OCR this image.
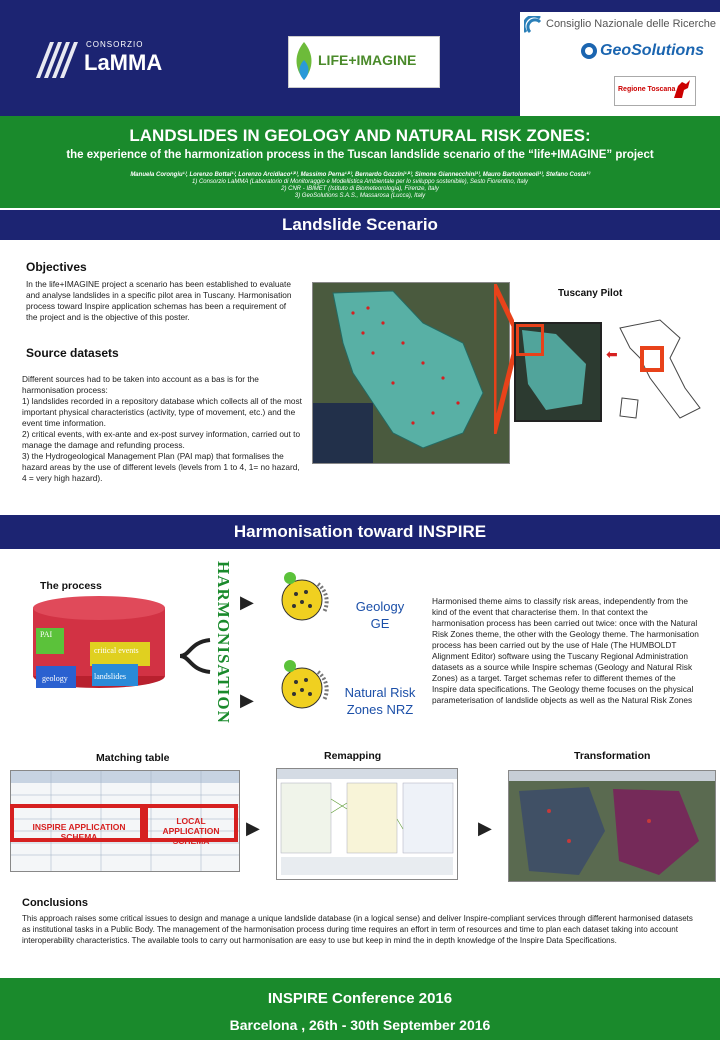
CONSORZIO
LaMMA	LIFE+IMAGINE
Consiglio Nazionale delle Ricerche
GeoSolutions
Regione Toscana
LANDSLIDES IN GEOLOGY AND NATURAL RISK ZONES:
the experience of the harmonization process in the Tuscan landslide scenario of the “life+IMAGINE” project
Manuela Corongiu¹⁾, Lorenzo Bottai¹⁾, Lorenzo Arcidiaco¹⁾²⁾, Massimo Perna¹⁾²⁾, Bernardo Gozzini¹⁾²⁾, Simone Giannecchini³⁾, Mauro Bartolomeoli³⁾, Stefano Costa³⁾
1) Consorzio LaMMA (Laboratorio di Monitoraggio e Modellistica Ambientale per lo sviluppo sostenibile), Sesto Fiorentino, Italy
2) CNR - IBIMET (Istituto di Biometeorologia), Firenze, Italy
3) GeoSolutions S.A.S., Massarosa (Lucca), Italy
Landslide Scenario
Objectives
In the life+IMAGINE project a scenario has been established to evaluate and analyse landslides in a specific pilot area in Tuscany. Harmonisation process toward Inspire application schemas has been a requirement of the project and is the objective of this poster.
Source datasets
Different sources had to be taken into account as a bas is for the harmonisation process:
1) landslides recorded in a repository database which collects all of the most important physical characteristics (activity, type of movement, etc.) and the event time information.
2) critical events, with ex-ante and ex-post survey information, carried out to manage the damage and refunding process.
3) the Hydrogeological Management Plan (PAI map) that formalises the hazard areas by the use of different levels (levels from 1 to 4, 1= no hazard, 4 = very high hazard).
Tuscany Pilot
⬅
Harmonisation toward INSPIRE
The process
PAI
critical events
geology	landslides	HARMONISATION ▶
▶
Geology
GE
Natural Risk
Zones NRZ
Harmonised theme aims to classify risk areas, independently from the kind of the event that characterise them. In that context the harmonisation process has been carried out twice: once with the Natural Risk Zones theme, the other with the Geology theme. The harmonisation process has been carried out by the use of Hale (The HUMBOLDT Alignment Editor) software using the Tuscany Regional Administration datasets as a source while Inspire schemas (Geology and Natural Risk Zones) as a target. Target schemas refer to different themes of the Inspire data specifications. The Geology theme focuses on the physical parameterisation of landslide objects as well as the Natural Risk Zones
Matching table	Remapping	Transformation
INSPIRE APPLICATION SCHEMA
LOCAL APPLICATION SCHEMA
▶	▶
Conclusions
This approach raises some critical issues to design and manage a unique landslide database (in a logical sense) and deliver Inspire-compliant services through different harmonised datasets as institutional tasks in a Public Body. The management of the harmonisation process during time requires an effort in term of resources and time to plan each dataset taking into account interoperability characteristics. The available tools to carry out harmonisation are easy to use but keep in mind the in depth knowledge of the Inspire Data Specifications.
INSPIRE Conference 2016
Barcelona , 26th - 30th September 2016
